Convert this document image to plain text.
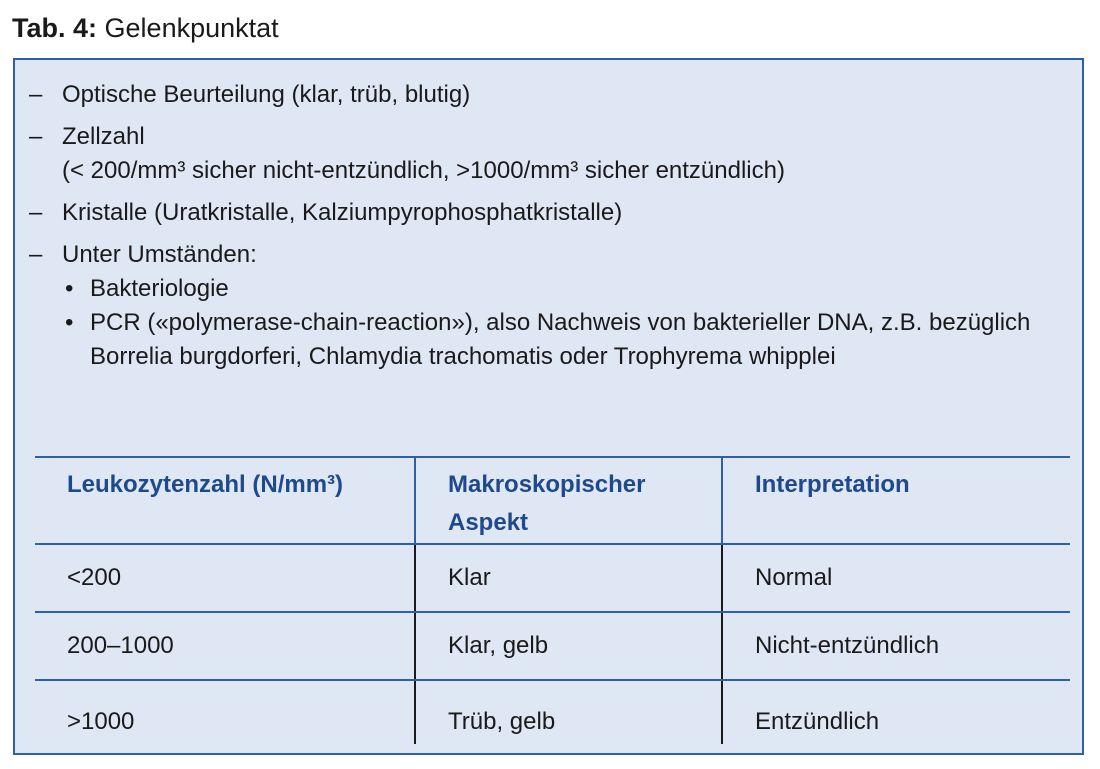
Tab. 4: Gelenkpunktat
– Optische Beurteilung (klar, trüb, blutig)
– Zellzahl
(< 200/mm³ sicher nicht-entzündlich, >1000/mm³ sicher entzündlich)
– Kristalle (Uratkristalle, Kalziumpyrophosphatkristalle)
– Unter Umständen:
• Bakteriologie
• PCR («polymerase-chain-reaction»), also Nachweis von bakterieller DNA, z.B. bezüglich Borrelia burgdorferi, Chlamydia trachomatis oder Trophyrema whipplei
Leukozytenzahl (N/mm³)	Makroskopischer Aspekt	Interpretation
<200	Klar	Normal
200–1000	Klar, gelb	Nicht-entzündlich
>1000	Trüb, gelb	Entzündlich
